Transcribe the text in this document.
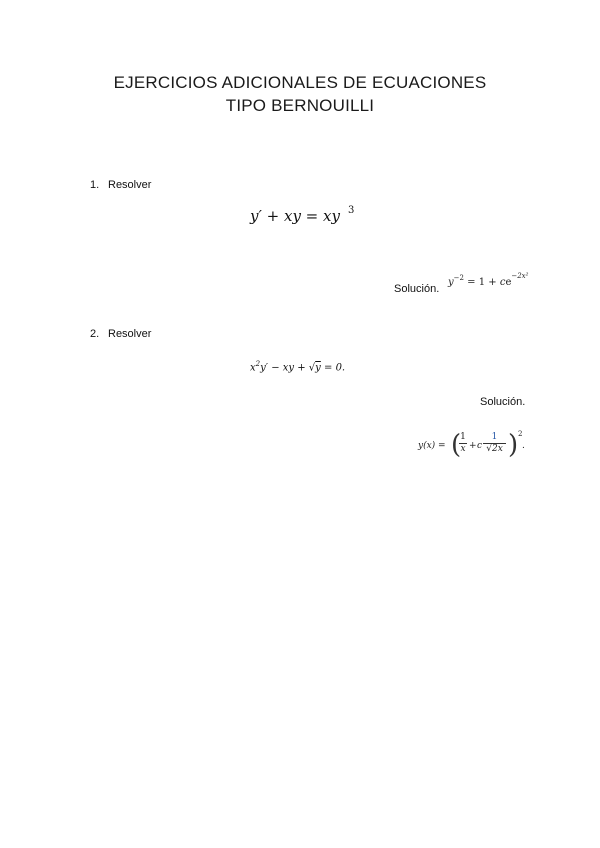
EJERCICIOS ADICIONALES DE ECUACIONES
TIPO BERNOUILLI
1. Resolver
y′ + xy = xy $^3$
Solución.
$y^{-2} = 1 + ce^{-2x^2}$
2. Resolver
$x^2y'$ − xy + √y = 0.
Solución.
y(x) = (
$\frac{1}{x} + c \frac{1}{√2x}$ ) 2
.
